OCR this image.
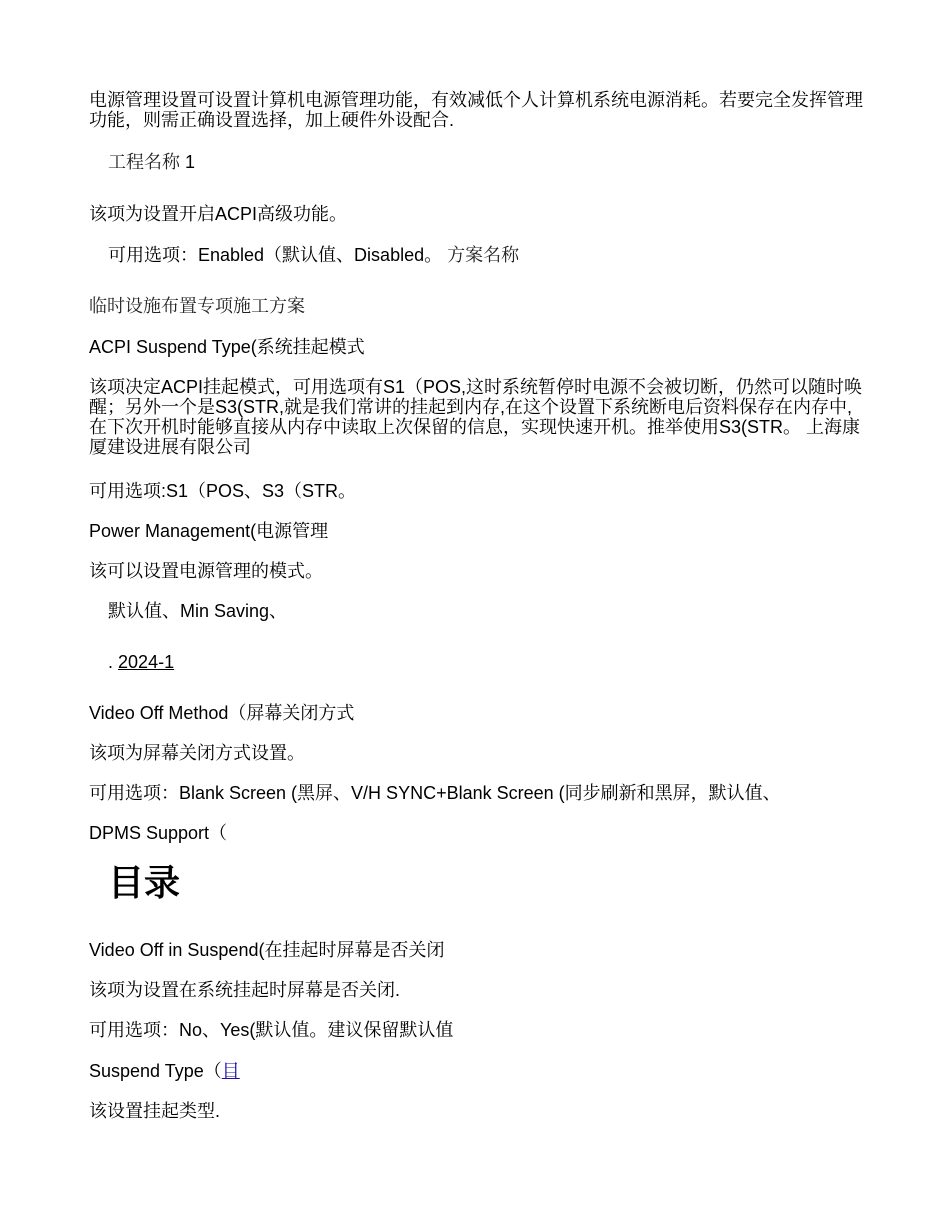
电源管理设置可设置计算机电源管理功能，有效减低个人计算机系统电源消耗。若要完全发挥管理功能，则需正确设置选择，加上硬件外设配合.

工程名称 1

该项为设置开启ACPI高级功能。

可用选项：Enabled（默认值、Disabled。 方案名称

临时设施布置专项施工方案

ACPI Suspend Type(系统挂起模式

该项决定ACPI挂起模式，可用选项有S1（POS,这时系统暂停时电源不会被切断，仍然可以随时唤醒；另外一个是S3(STR,就是我们常讲的挂起到内存,在这个设置下系统断电后资料保存在内存中,在下次开机时能够直接从内存中读取上次保留的信息，实现快速开机。推举使用S3(STR。 上海康厦建设进展有限公司

可用选项:S1（POS、S3（STR。

Power Management(电源管理

该可以设置电源管理的模式。

默认值、Min Saving、

. 2024-1

Video Off Method（屏幕关闭方式

该项为屏幕关闭方式设置。

可用选项：Blank Screen (黑屏、V/H SYNC+Blank Screen (同步刷新和黑屏，默认值、

DPMS Support（

目录

Video Off in Suspend(在挂起时屏幕是否关闭

该项为设置在系统挂起时屏幕是否关闭.

可用选项：No、Yes(默认值。建议保留默认值

Suspend Type（目

该设置挂起类型.
